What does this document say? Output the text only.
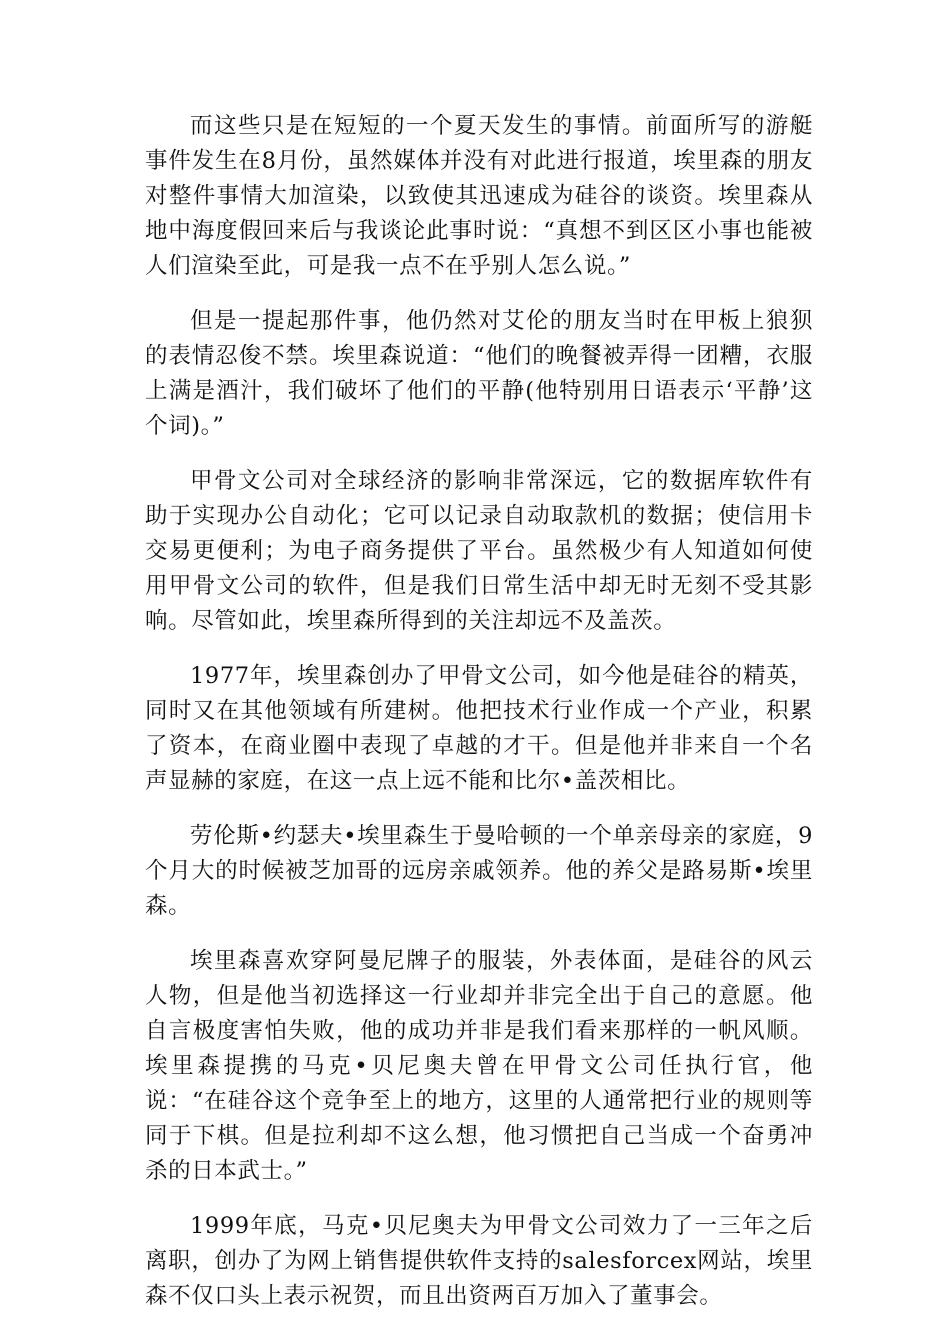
而这些只是在短短的一个夏天发生的事情。前面所写的游艇事件发生在8月份，虽然媒体并没有对此进行报道，埃里森的朋友对整件事情大加渲染，以致使其迅速成为硅谷的谈资。埃里森从地中海度假回来后与我谈论此事时说：“真想不到区区小事也能被人们渲染至此，可是我一点不在乎别人怎么说。”

但是一提起那件事，他仍然对艾伦的朋友当时在甲板上狼狈的表情忍俊不禁。埃里森说道：“他们的晚餐被弄得一团糟，衣服上满是酒汁，我们破坏了他们的平静(他特别用日语表示‘平静’这个词)。”

甲骨文公司对全球经济的影响非常深远，它的数据库软件有助于实现办公自动化；它可以记录自动取款机的数据；使信用卡交易更便利；为电子商务提供了平台。虽然极少有人知道如何使用甲骨文公司的软件，但是我们日常生活中却无时无刻不受其影响。尽管如此，埃里森所得到的关注却远不及盖茨。

1977年，埃里森创办了甲骨文公司，如今他是硅谷的精英，同时又在其他领域有所建树。他把技术行业作成一个产业，积累了资本，在商业圈中表现了卓越的才干。但是他并非来自一个名声显赫的家庭，在这一点上远不能和比尔•盖茨相比。

劳伦斯•约瑟夫•埃里森生于曼哈顿的一个单亲母亲的家庭，9个月大的时候被芝加哥的远房亲戚领养。他的养父是路易斯•埃里森。

埃里森喜欢穿阿曼尼牌子的服装，外表体面，是硅谷的风云人物，但是他当初选择这一行业却并非完全出于自己的意愿。他自言极度害怕失败，他的成功并非是我们看来那样的一帆风顺。埃里森提携的马克•贝尼奥夫曾在甲骨文公司任执行官，他说：“在硅谷这个竞争至上的地方，这里的人通常把行业的规则等同于下棋。但是拉利却不这么想，他习惯把自己当成一个奋勇冲杀的日本武士。”

1999年底，马克•贝尼奥夫为甲骨文公司效力了一三年之后离职，创办了为网上销售提供软件支持的salesforcex网站，埃里森不仅口头上表示祝贺，而且出资两百万加入了董事会。
